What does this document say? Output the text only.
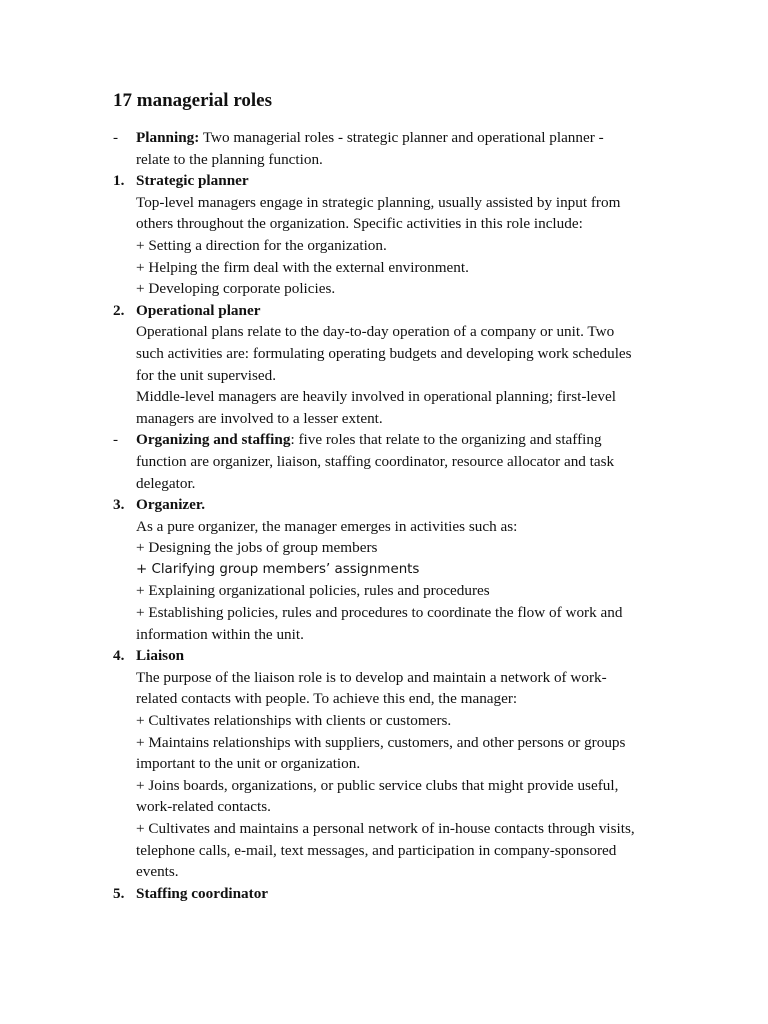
17 managerial roles
- Planning: Two managerial roles - strategic planner and operational planner -
relate to the planning function.
1. Strategic planner
Top-level managers engage in strategic planning, usually assisted by input from
others throughout the organization. Specific activities in this role include:
+ Setting a direction for the organization.
+ Helping the firm deal with the external environment.
+ Developing corporate policies.
2. Operational planer
Operational plans relate to the day-to-day operation of a company or unit. Two
such activities are: formulating operating budgets and developing work schedules
for the unit supervised.
Middle-level managers are heavily involved in operational planning; first-level
managers are involved to a lesser extent.
- Organizing and staffing: five roles that relate to the organizing and staffing
function are organizer, liaison, staffing coordinator, resource allocator and task
delegator.
3. Organizer.
As a pure organizer, the manager emerges in activities such as:
+ Designing the jobs of group members
+ Clarifying group members’ assignments
+ Explaining organizational policies, rules and procedures
+ Establishing policies, rules and procedures to coordinate the flow of work and
information within the unit.
4. Liaison
The purpose of the liaison role is to develop and maintain a network of work-
related contacts with people. To achieve this end, the manager:
+ Cultivates relationships with clients or customers.
+ Maintains relationships with suppliers, customers, and other persons or groups
important to the unit or organization.
+ Joins boards, organizations, or public service clubs that might provide useful,
work-related contacts.
+ Cultivates and maintains a personal network of in-house contacts through visits,
telephone calls, e-mail, text messages, and participation in company-sponsored
events.
5. Staffing coordinator
